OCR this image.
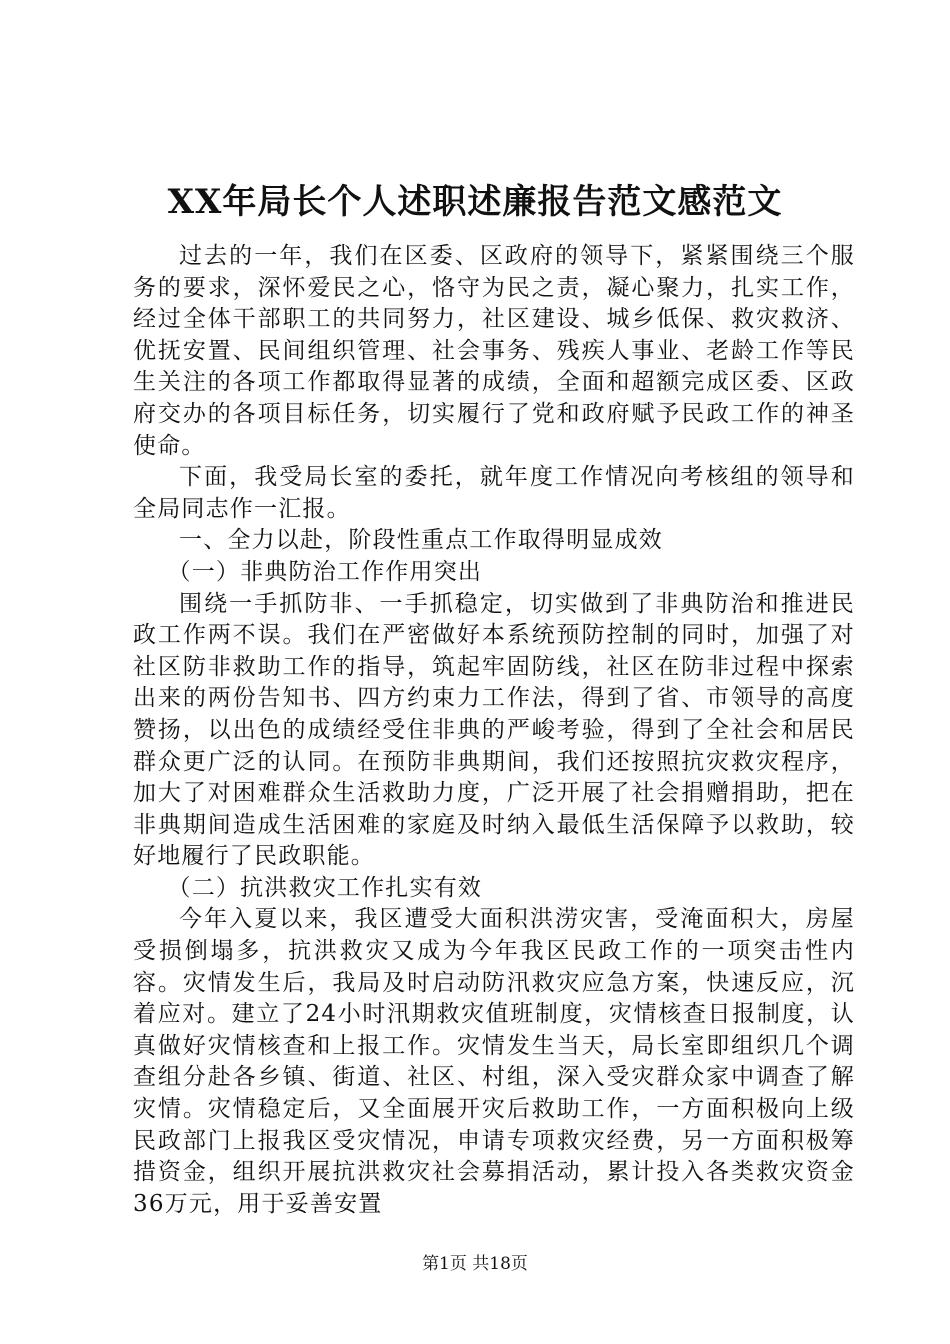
XX年局长个人述职述廉报告范文感范文

过去的一年，我们在区委、区政府的领导下，紧紧围绕三个服务的要求，深怀爱民之心，恪守为民之责，凝心聚力，扎实工作，经过全体干部职工的共同努力，社区建设、城乡低保、救灾救济、优抚安置、民间组织管理、社会事务、残疾人事业、老龄工作等民生关注的各项工作都取得显著的成绩，全面和超额完成区委、区政府交办的各项目标任务，切实履行了党和政府赋予民政工作的神圣使命。

下面，我受局长室的委托，就年度工作情况向考核组的领导和全局同志作一汇报。

一、全力以赴，阶段性重点工作取得明显成效

（一）非典防治工作作用突出

围绕一手抓防非、一手抓稳定，切实做到了非典防治和推进民政工作两不误。我们在严密做好本系统预防控制的同时，加强了对社区防非救助工作的指导，筑起牢固防线，社区在防非过程中探索出来的两份告知书、四方约束力工作法，得到了省、市领导的高度赞扬，以出色的成绩经受住非典的严峻考验，得到了全社会和居民群众更广泛的认同。在预防非典期间，我们还按照抗灾救灾程序，加大了对困难群众生活救助力度，广泛开展了社会捐赠捐助，把在非典期间造成生活困难的家庭及时纳入最低生活保障予以救助，较好地履行了民政职能。

（二）抗洪救灾工作扎实有效

今年入夏以来，我区遭受大面积洪涝灾害，受淹面积大，房屋受损倒塌多，抗洪救灾又成为今年我区民政工作的一项突击性内容。灾情发生后，我局及时启动防汛救灾应急方案，快速反应，沉着应对。建立了24小时汛期救灾值班制度，灾情核查日报制度，认真做好灾情核查和上报工作。灾情发生当天，局长室即组织几个调查组分赴各乡镇、街道、社区、村组，深入受灾群众家中调查了解灾情。灾情稳定后，又全面展开灾后救助工作，一方面积极向上级民政部门上报我区受灾情况，申请专项救灾经费，另一方面积极筹措资金，组织开展抗洪救灾社会募捐活动，累计投入各类救灾资金36万元，用于妥善安置

第1页 共18页
